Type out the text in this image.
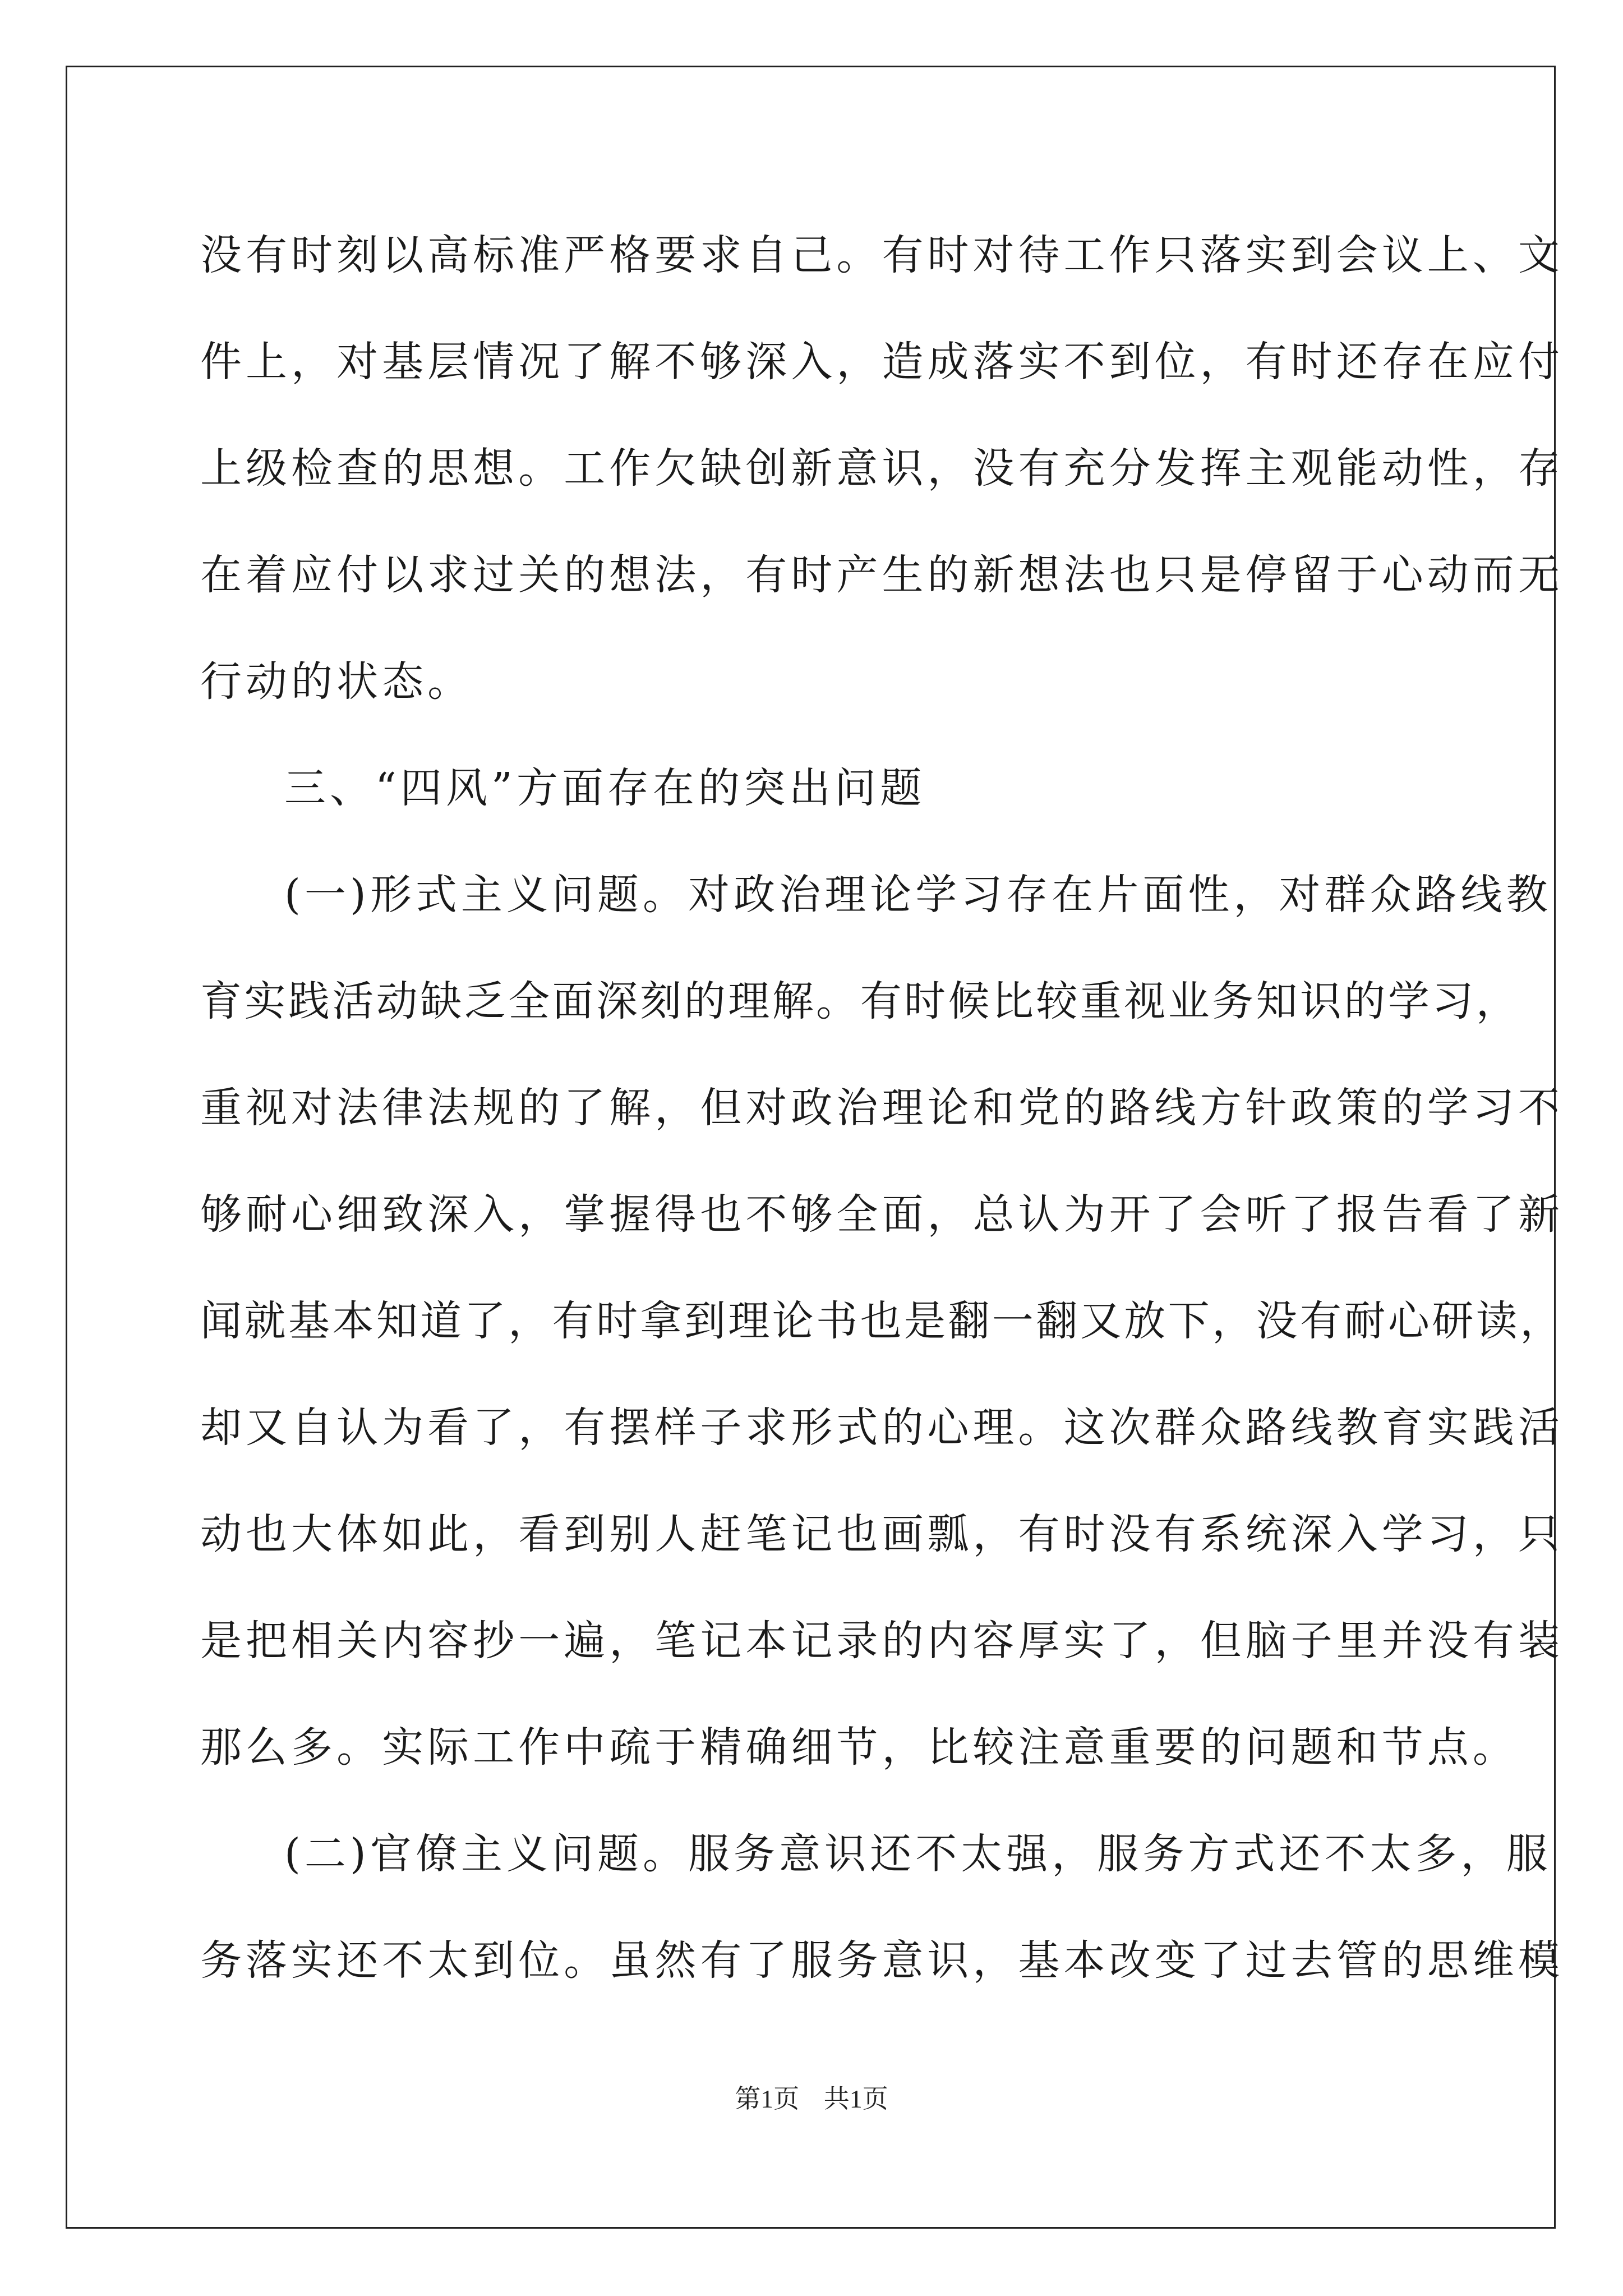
没有时刻以高标准严格要求自己。有时对待工作只落实到会议上、文
件上，对基层情况了解不够深入，造成落实不到位，有时还存在应付
上级检查的思想。工作欠缺创新意识，没有充分发挥主观能动性，存
在着应付以求过关的想法，有时产生的新想法也只是停留于心动而无
行动的状态。
三、“四风”方面存在的突出问题
(一)形式主义问题。对政治理论学习存在片面性，对群众路线教
育实践活动缺乏全面深刻的理解。有时候比较重视业务知识的学习，
重视对法律法规的了解，但对政治理论和党的路线方针政策的学习不
够耐心细致深入，掌握得也不够全面，总认为开了会听了报告看了新
闻就基本知道了，有时拿到理论书也是翻一翻又放下，没有耐心研读，
却又自认为看了，有摆样子求形式的心理。这次群众路线教育实践活
动也大体如此，看到别人赶笔记也画瓢，有时没有系统深入学习，只
是把相关内容抄一遍，笔记本记录的内容厚实了，但脑子里并没有装
那么多。实际工作中疏于精确细节，比较注意重要的问题和节点。
(二)官僚主义问题。服务意识还不太强，服务方式还不太多，服
务落实还不太到位。虽然有了服务意识，基本改变了过去管的思维模
第1页 共1页
